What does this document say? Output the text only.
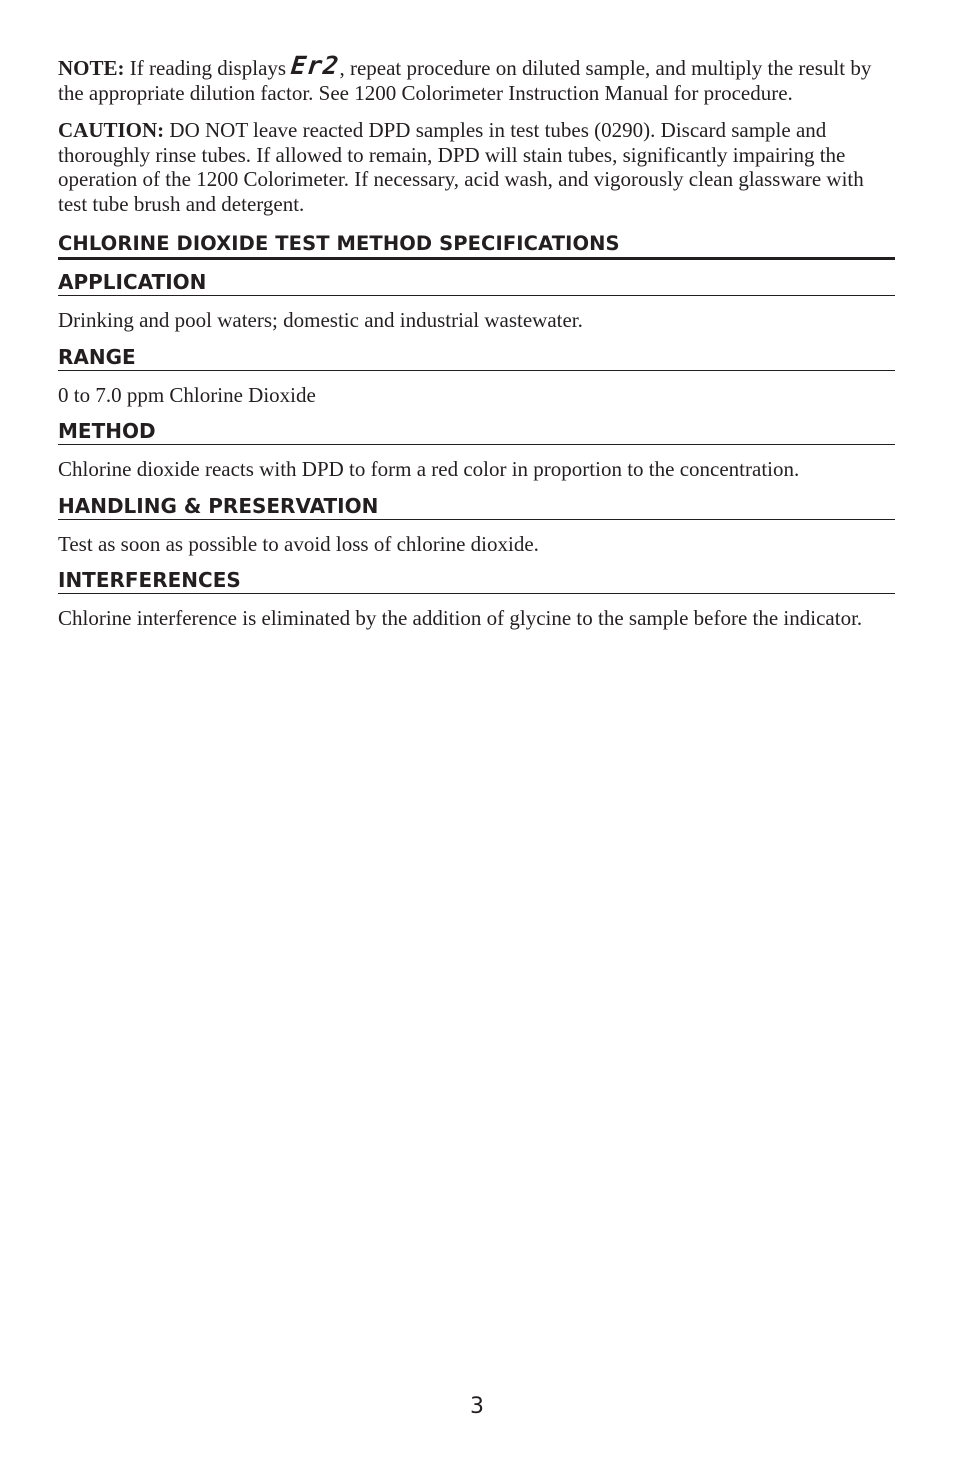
NOTE: If reading displays Er2, repeat procedure on diluted sample, and multiply the result by the appropriate dilution factor. See 1200 Colorimeter Instruction Manual for procedure.

CAUTION: DO NOT leave reacted DPD samples in test tubes (0290). Discard sample and thoroughly rinse tubes. If allowed to remain, DPD will stain tubes, significantly impairing the operation of the 1200 Colorimeter. If necessary, acid wash, and vigorously clean glassware with test tube brush and detergent.

CHLORINE DIOXIDE TEST METHOD SPECIFICATIONS
APPLICATION

Drinking and pool waters; domestic and industrial wastewater.

RANGE

0 to 7.0 ppm Chlorine Dioxide

METHOD

Chlorine dioxide reacts with DPD to form a red color in proportion to the concentration.

HANDLING & PRESERVATION

Test as soon as possible to avoid loss of chlorine dioxide.

INTERFERENCES

Chlorine interference is eliminated by the addition of glycine to the sample before the indicator.

3
